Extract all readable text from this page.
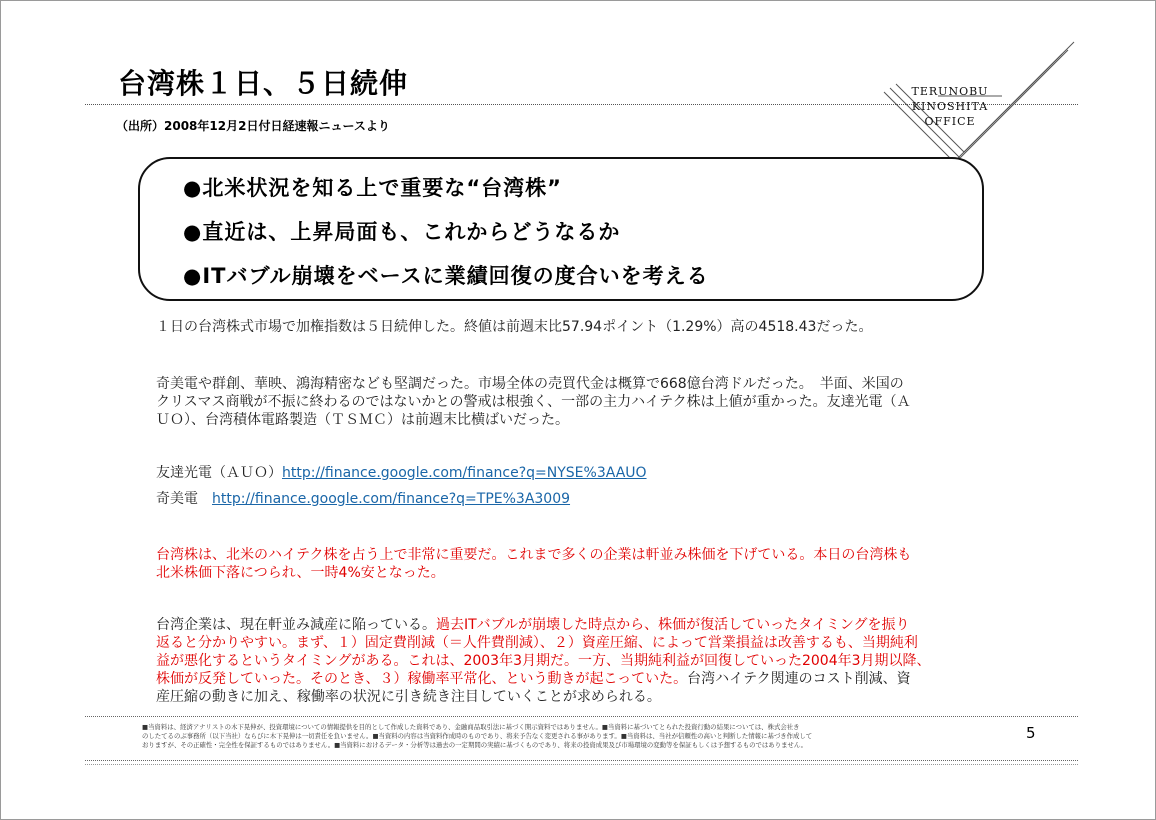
台湾株１日、５日続伸
（出所）2008年12月2日付日経速報ニュースより
TERUNOBU
KINOSHITA
OFFICE
●北米状況を知る上で重要な“台湾株”
●直近は、上昇局面も、これからどうなるか
●ITバブル崩壊をベースに業績回復の度合いを考える
１日の台湾株式市場で加権指数は５日続伸した。終値は前週末比57.94ポイント（1.29%）高の4518.43だった。
奇美電や群創、華映、鴻海精密なども堅調だった。市場全体の売買代金は概算で668億台湾ドルだった。　半面、米国の
クリスマス商戦が不振に終わるのではないかとの警戒は根強く、一部の主力ハイテク株は上値が重かった。友達光電（Ａ
ＵＯ）、台湾積体電路製造（ＴＳＭＣ）は前週末比横ばいだった。
友達光電（ＡＵＯ）http://finance.google.com/finance?q=NYSE%3AAUO
奇美電　http://finance.google.com/finance?q=TPE%3A3009
台湾株は、北米のハイテク株を占う上で非常に重要だ。これまで多くの企業は軒並み株価を下げている。本日の台湾株も
北米株価下落につられ、一時4%安となった。
台湾企業は、現在軒並み減産に陥っている。過去ITバブルが崩壊した時点から、株価が復活していったタイミングを振り
返ると分かりやすい。まず、１）固定費削減（＝人件費削減）、２）資産圧縮、によって営業損益は改善するも、当期純利
益が悪化するというタイミングがある。これは、2003年3月期だ。一方、当期純利益が回復していった2004年3月期以降、
株価が反発していった。そのとき、３）稼働率平常化、という動きが起こっていた。台湾ハイテク関連のコスト削減、資
産圧縮の動きに加え、稼働率の状況に引き続き注目していくことが求められる。
■当資料は、経済アナリストの木下晃伸が、投資環境についての情報提供を目的として作成した資料であり、金融商品取引法に基づく開示資料ではありません。■当資料に基づいてとられた投資行動の結果については、株式会社き
のしたてるのぶ事務所（以下当社）ならびに木下晃伸は一切責任を負いません。■当資料の内容は当資料作成時のものであり、将来予告なく変更される事があります。■当資料は、当社が信頼性の高いと判断した情報に基づき作成して
おりますが、その正確性・完全性を保証するものではありません。■当資料におけるデータ・分析等は過去の一定期間の実績に基づくものであり、将来の投資成果及び市場環境の変動等を保証もしくは予想するものではありません。
5
